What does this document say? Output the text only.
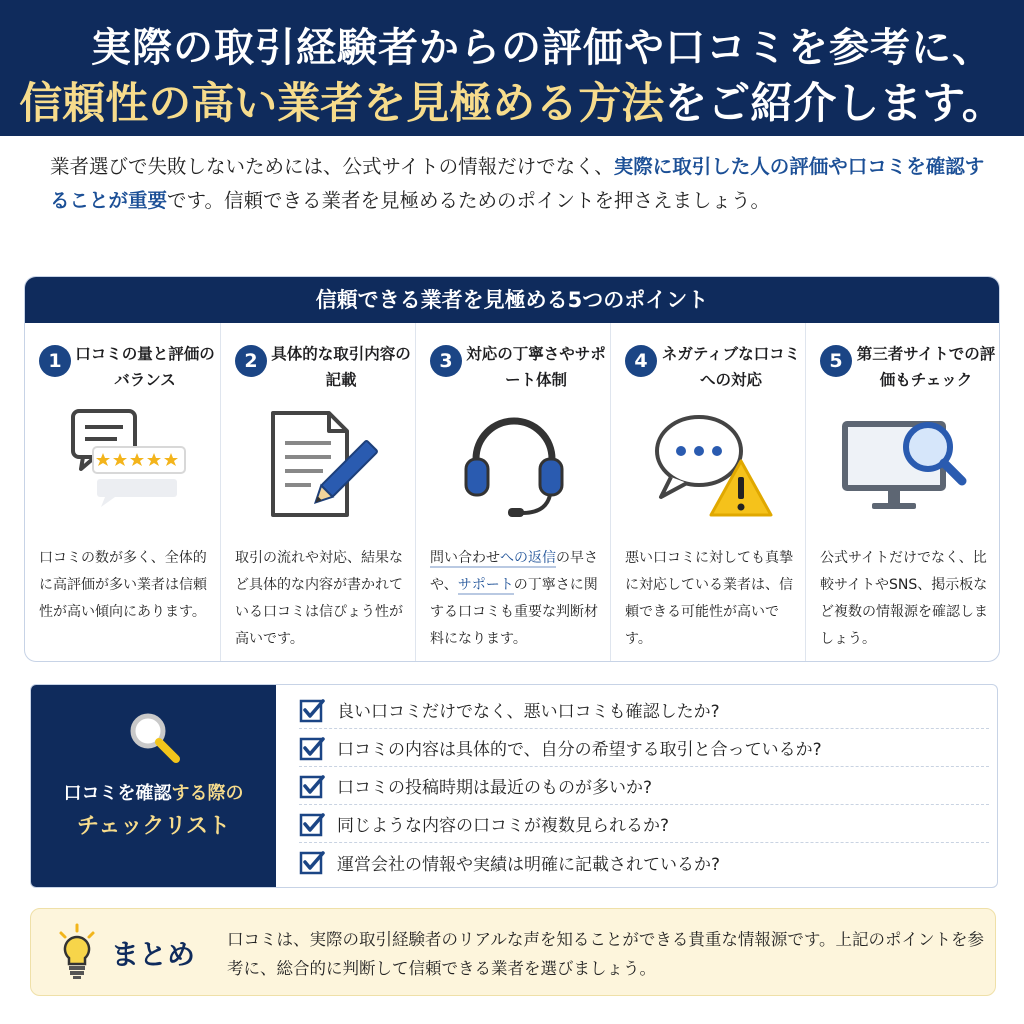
実際の取引経験者からの評価や口コミを参考に、
信頼性の高い業者を見極める方法をご紹介します。
業者選びで失敗しないためには、公式サイトの情報だけでなく、実際に取引した人の評価や口コミを確認することが重要です。信頼できる業者を見極めるためのポイントを押さえましょう。
信頼できる業者を見極める5つのポイント
1 口コミの量と評価のバランス
口コミの数が多く、全体的に高評価が多い業者は信頼性が高い傾向にあります。
2 具体的な取引内容の記載
取引の流れや対応、結果など具体的な内容が書かれている口コミは信ぴょう性が高いです。
3 対応の丁寧さやサポート体制
問い合わせへの返信の早さや、サポートの丁寧さに関する口コミも重要な判断材料になります。
4 ネガティブな口コミへの対応
悪い口コミに対しても真摯に対応している業者は、信頼できる可能性が高いです。
5 第三者サイトでの評価もチェック
公式サイトだけでなく、比較サイトやSNS、掲示板など複数の情報源を確認しましょう。
口コミを確認する際の
チェックリスト
良い口コミだけでなく、悪い口コミも確認したか?
口コミの内容は具体的で、自分の希望する取引と合っているか?
口コミの投稿時期は最近のものが多いか?
同じような内容の口コミが複数見られるか?
運営会社の情報や実績は明確に記載されているか?
まとめ 口コミは、実際の取引経験者のリアルな声を知ることができる貴重な情報源です。上記のポイントを参考に、総合的に判断して信頼できる業者を選びましょう。
